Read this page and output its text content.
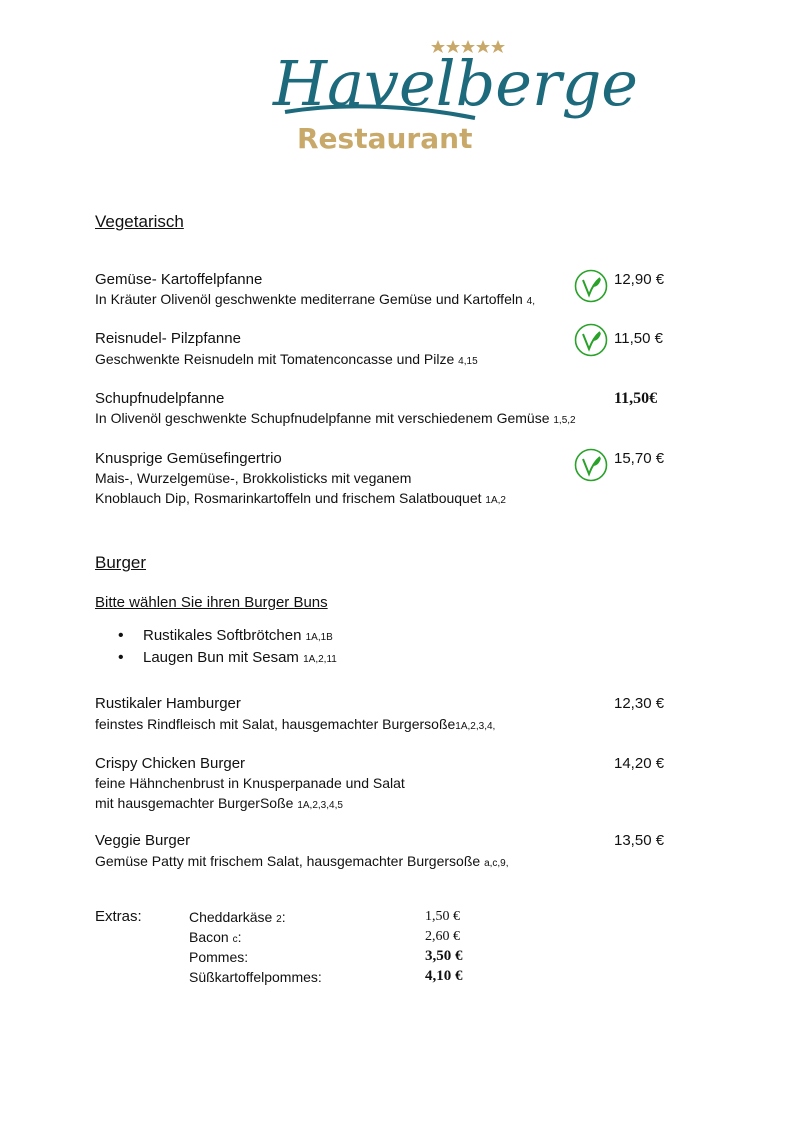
Havelberge
Restaurant
Vegetarisch
Gemüse- Kartoffelpfanne
In Kräuter Olivenöl geschwenkte mediterrane Gemüse und Kartoffeln 4,
12,90 €
Reisnudel- Pilzpfanne
Geschwenkte Reisnudeln mit Tomatenconcasse und Pilze 4,15
11,50 €
Schupfnudelpfanne
In Olivenöl geschwenkte Schupfnudelpfanne mit verschiedenem Gemüse 1,5,2
11,50€
Knusprige Gemüsefingertrio
Mais-, Wurzelgemüse-, Brokkolisticks mit veganem
Knoblauch Dip, Rosmarinkartoffeln und frischem Salatbouquet 1A,2
15,70 €
Burger
Bitte wählen Sie ihren Burger Buns
• Rustikales Softbrötchen 1A,1B
• Laugen Bun mit Sesam 1A,2,11
Rustikaler Hamburger
feinstes Rindfleisch mit Salat, hausgemachter Burgersoße1A,2,3,4,
12,30 €
Crispy Chicken Burger
feine Hähnchenbrust in Knusperpanade und Salat
mit hausgemachter BurgerSoße 1A,2,3,4,5
14,20 €
Veggie Burger
Gemüse Patty mit frischem Salat, hausgemachter Burgersoße a,c,9,
13,50 €
Extras:	Cheddarkäse 2:	1,50 €
Bacon c:	2,60 €
Pommes:	3,50 €
Süßkartoffelpommes:	4,10 €
